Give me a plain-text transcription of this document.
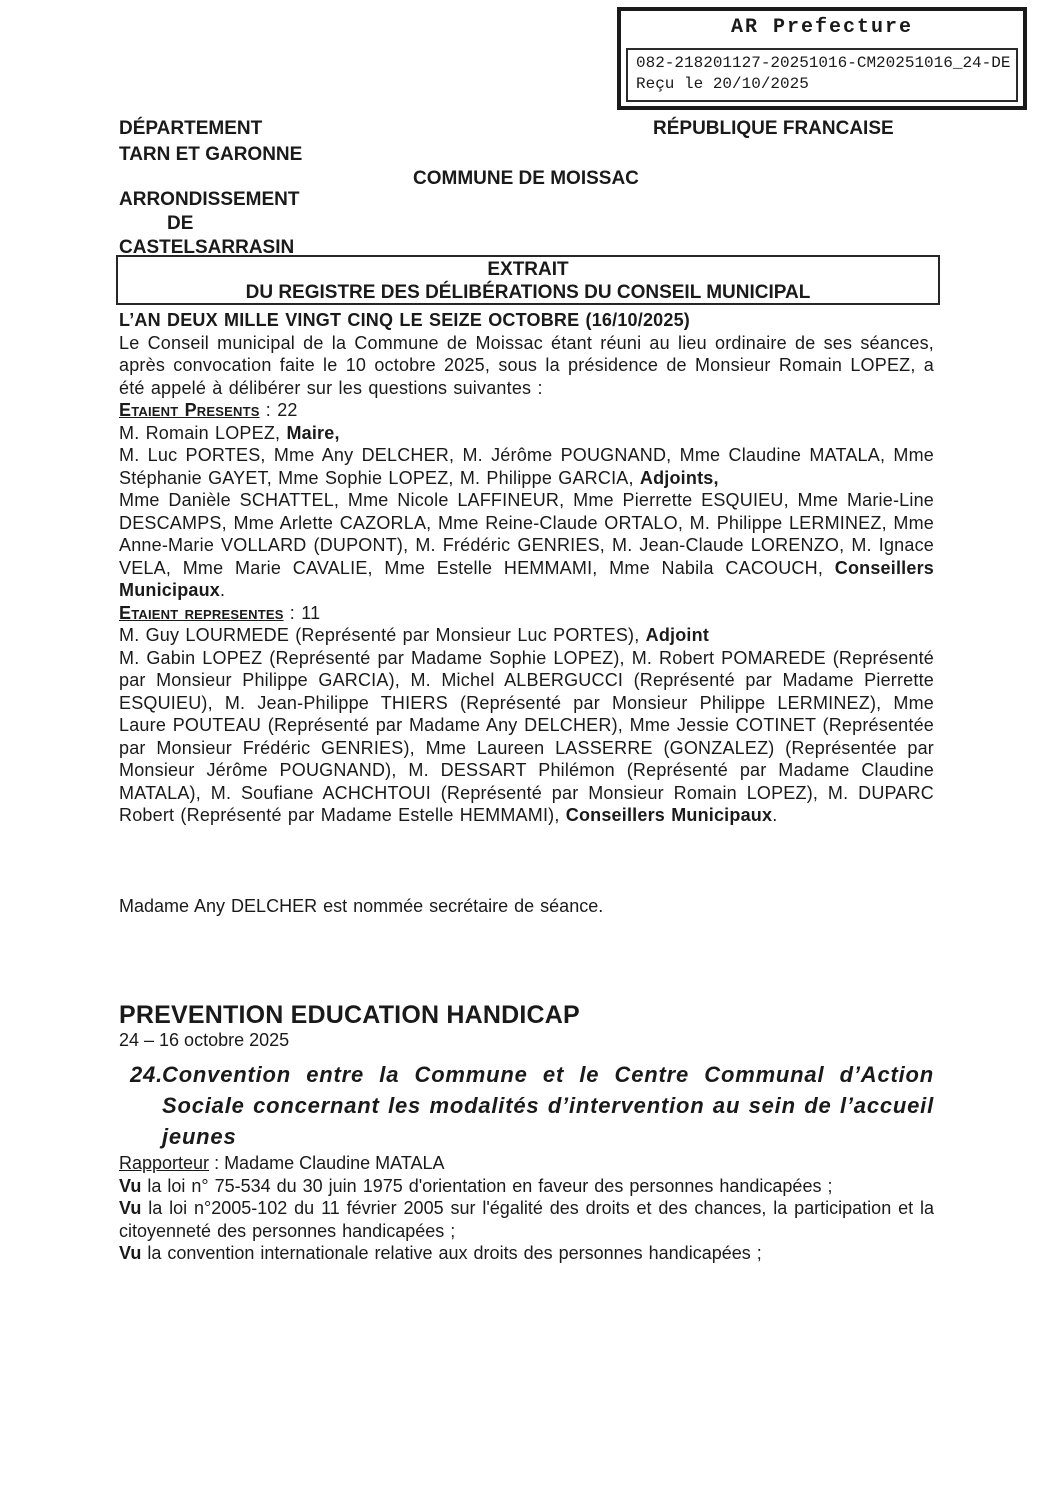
AR Prefecture
082-218201127-20251016-CM20251016_24-DE
Reçu le 20/10/2025
DÉPARTEMENT
TARN ET GARONNE
RÉPUBLIQUE FRANCAISE
COMMUNE DE MOISSAC
ARRONDISSEMENT
DE
CASTELSARRASIN
EXTRAIT
DU REGISTRE DES DÉLIBÉRATIONS DU CONSEIL MUNICIPAL

L’AN DEUX MILLE VINGT CINQ LE SEIZE OCTOBRE (16/10/2025)

Le Conseil municipal de la Commune de Moissac étant réuni au lieu ordinaire de ses séances, après convocation faite le 10 octobre 2025, sous la présidence de Monsieur Romain LOPEZ, a été appelé à délibérer sur les questions suivantes :

Etaient Presents : 22

M. Romain LOPEZ, Maire,

M. Luc PORTES, Mme Any DELCHER, M. Jérôme POUGNAND, Mme Claudine MATALA, Mme Stéphanie GAYET, Mme Sophie LOPEZ, M. Philippe GARCIA, Adjoints,

Mme Danièle SCHATTEL, Mme Nicole LAFFINEUR, Mme Pierrette ESQUIEU, Mme Marie-Line DESCAMPS, Mme Arlette CAZORLA, Mme Reine-Claude ORTALO, M. Philippe LERMINEZ, Mme Anne-Marie VOLLARD (DUPONT), M. Frédéric GENRIES, M. Jean-Claude LORENZO, M. Ignace VELA, Mme Marie CAVALIE, Mme Estelle HEMMAMI, Mme Nabila CACOUCH, Conseillers Municipaux.

Etaient representes : 11

M. Guy LOURMEDE (Représenté par Monsieur Luc PORTES), Adjoint

M. Gabin LOPEZ (Représenté par Madame Sophie LOPEZ), M. Robert POMAREDE (Représenté par Monsieur Philippe GARCIA), M. Michel ALBERGUCCI (Représenté par Madame Pierrette ESQUIEU), M. Jean-Philippe THIERS (Représenté par Monsieur Philippe LERMINEZ), Mme Laure POUTEAU (Représenté par Madame Any DELCHER), Mme Jessie COTINET (Représentée par Monsieur Frédéric GENRIES), Mme Laureen LASSERRE (GONZALEZ) (Représentée par Monsieur Jérôme POUGNAND), M. DESSART Philémon (Représenté par Madame Claudine MATALA), M. Soufiane ACHCHTOUI (Représenté par Monsieur Romain LOPEZ), M. DUPARC Robert (Représenté par Madame Estelle HEMMAMI), Conseillers Municipaux.

Madame Any DELCHER est nommée secrétaire de séance.
PREVENTION EDUCATION HANDICAP

24 – 16 octobre 2025

24. Convention entre la Commune et le Centre Communal d’Action Sociale concernant les modalités d’intervention au sein de l’accueil jeunes

Rapporteur : Madame Claudine MATALA

Vu la loi n° 75-534 du 30 juin 1975 d'orientation en faveur des personnes handicapées ;

Vu la loi n°2005-102 du 11 février 2005 sur l'égalité des droits et des chances, la participation et la citoyenneté des personnes handicapées ;

Vu la convention internationale relative aux droits des personnes handicapées ;
